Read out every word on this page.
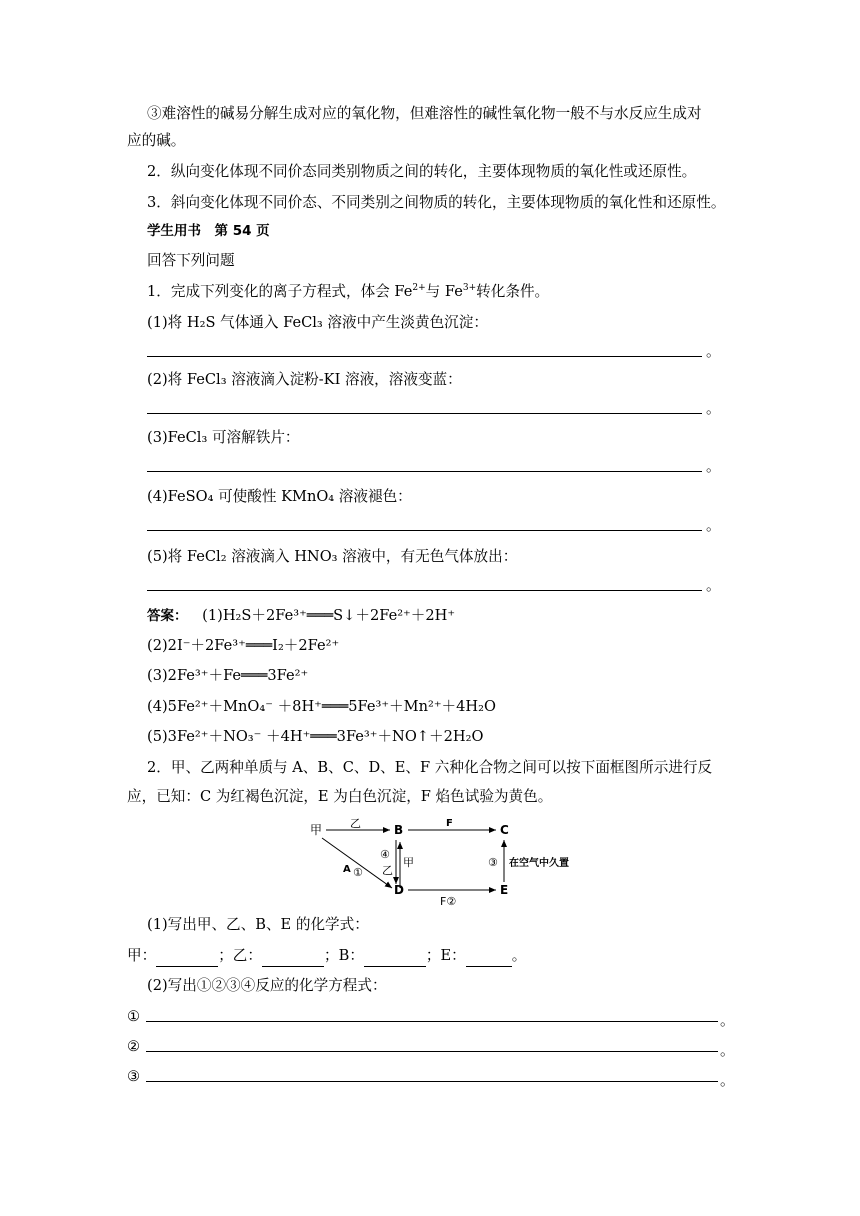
③难溶性的碱易分解生成对应的氧化物，但难溶性的碱性氧化物一般不与水反应生成对
应的碱。
2．纵向变化体现不同价态同类别物质之间的转化，主要体现物质的氧化性或还原性。
3．斜向变化体现不同价态、不同类别之间物质的转化，主要体现物质的氧化性和还原性。
学生用书　第 54 页
回答下列问题
1．完成下列变化的离子方程式，体会 $Fe^{2+}$与 $Fe^{3+}$转化条件。
(1)将 H₂S 气体通入 FeCl₃ 溶液中产生淡黄色沉淀：
。
(2)将 FeCl₃ 溶液滴入淀粉-KI 溶液，溶液变蓝：
。
(3)FeCl₃ 可溶解铁片：
。
(4)FeSO₄ 可使酸性 KMnO₄ 溶液褪色：
。
(5)将 FeCl₂ 溶液滴入 HNO₃ 溶液中，有无色气体放出：
。
答案： (1)H₂S＋2Fe³⁺═══S↓＋2Fe²⁺＋2H⁺
(2)2I⁻＋2Fe³⁺═══I₂＋2Fe²⁺
(3)2Fe³⁺＋Fe═══3Fe²⁺
(4)5Fe²⁺＋MnO₄⁻ ＋8H⁺═══5Fe³⁺＋Mn²⁺＋4H₂O
(5)3Fe²⁺＋NO₃⁻ ＋4H⁺═══3Fe³⁺＋NO↑＋2H₂O
2．甲、乙两种单质与 A、B、C、D、E、F 六种化合物之间可以按下面框图所示进行反
应，已知：C 为红褐色沉淀，E 为白色沉淀，F 焰色试验为黄色。
甲	乙	B	F	C
A ①
④
乙
甲
D
F②
E
③ 在空气中久置
(1)写出甲、乙、B、E 的化学式：
甲：	；乙：	；B：	；E：	。
(2)写出①②③④反应的化学方程式：
①	。
②	。
③	。
